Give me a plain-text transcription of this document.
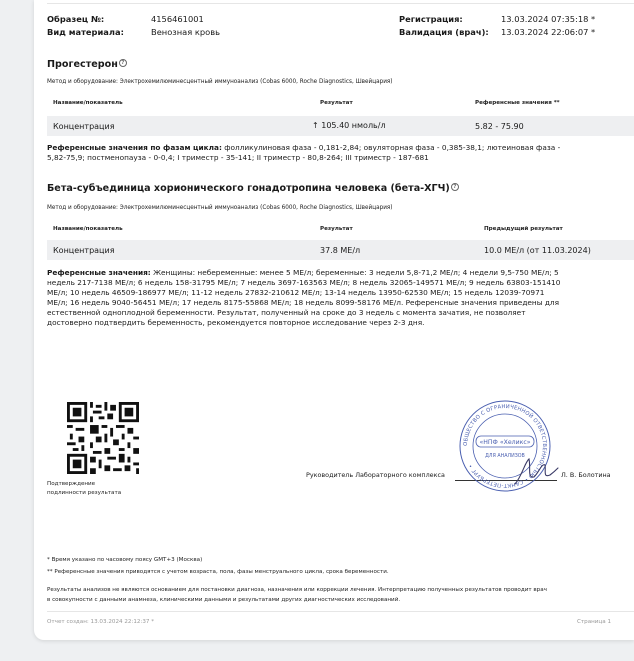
Образец №:	4156461001
Вид материала:	Венозная кровь
Регистрация:	13.03.2024 07:35:18 *
Валидация (врач): 13.03.2024 22:06:07 *
Прогестерон ?
Метод и оборудование: Электрохемилюминесцентный иммуноанализ (Cobas 6000, Roche Diagnostics, Швейцария)
Название/показатель	Результат	Референсные значения **
Концентрация	↑ 105.40 нмоль/л	5.82 - 75.90
Референсные значения по фазам цикла: фолликулиновая фаза - 0,181-2,84; овуляторная фаза - 0,385-38,1; лютеиновая фаза -
5,82-75,9; постменопауза - 0-0,4; I триместр - 35-141; II триместр - 80,8-264; III триместр - 187-681
Бета-субъединица хорионического гонадотропина человека (бета-ХГЧ) ?
Метод и оборудование: Электрохемилюминесцентный иммуноанализ (Cobas 6000, Roche Diagnostics, Швейцария)
Название/показатель	Результат	Предыдущий результат
Концентрация	37.8 МЕ/л	10.0 МЕ/л (от 11.03.2024)
Референсные значения: Женщины: небеременные: менее 5 МЕ/л; беременные: 3 недели 5,8-71,2 МЕ/л; 4 недели 9,5-750 МЕ/л; 5
недель 217-7138 МЕ/л; 6 недель 158-31795 МЕ/л; 7 недель 3697-163563 МЕ/л; 8 недель 32065-149571 МЕ/л; 9 недель 63803-151410
МЕ/л; 10 недель 46509-186977 МЕ/л; 11-12 недель 27832-210612 МЕ/л; 13-14 недель 13950-62530 МЕ/л; 15 недель 12039-70971
МЕ/л; 16 недель 9040-56451 МЕ/л; 17 недель 8175-55868 МЕ/л; 18 недель 8099-58176 МЕ/л. Референсные значения приведены для
естественной одноплодной беременности. Результат, полученный на сроке до 3 недель с момента зачатия, не позволяет
достоверно подтвердить беременность, рекомендуется повторное исследование через 2-3 дня.
Подтверждение
подлинности результата
Руководитель Лабораторного комплекса	Л. В. Болотина
ОБЩЕСТВО С ОГРАНИЧЕННОЙ ОТВЕТСТВЕННОСТЬЮ • САНКТ-ПЕТЕРБУРГ •
«НПФ «Хеликс»
ДЛЯ АНАЛИЗОВ
* Время указано по часовому поясу GMT+3 (Москва)
** Референсные значения приводятся с учетом возраста, пола, фазы менструального цикла, срока беременности.
Результаты анализов не являются основанием для постановки диагноза, назначения или коррекции лечения. Интерпретацию полученных результатов проводит врач
в совокупности с данными анамнеза, клиническими данными и результатами других диагностических исследований.
Отчет создан: 13.03.2024 22:12:37 *	Страница 1
